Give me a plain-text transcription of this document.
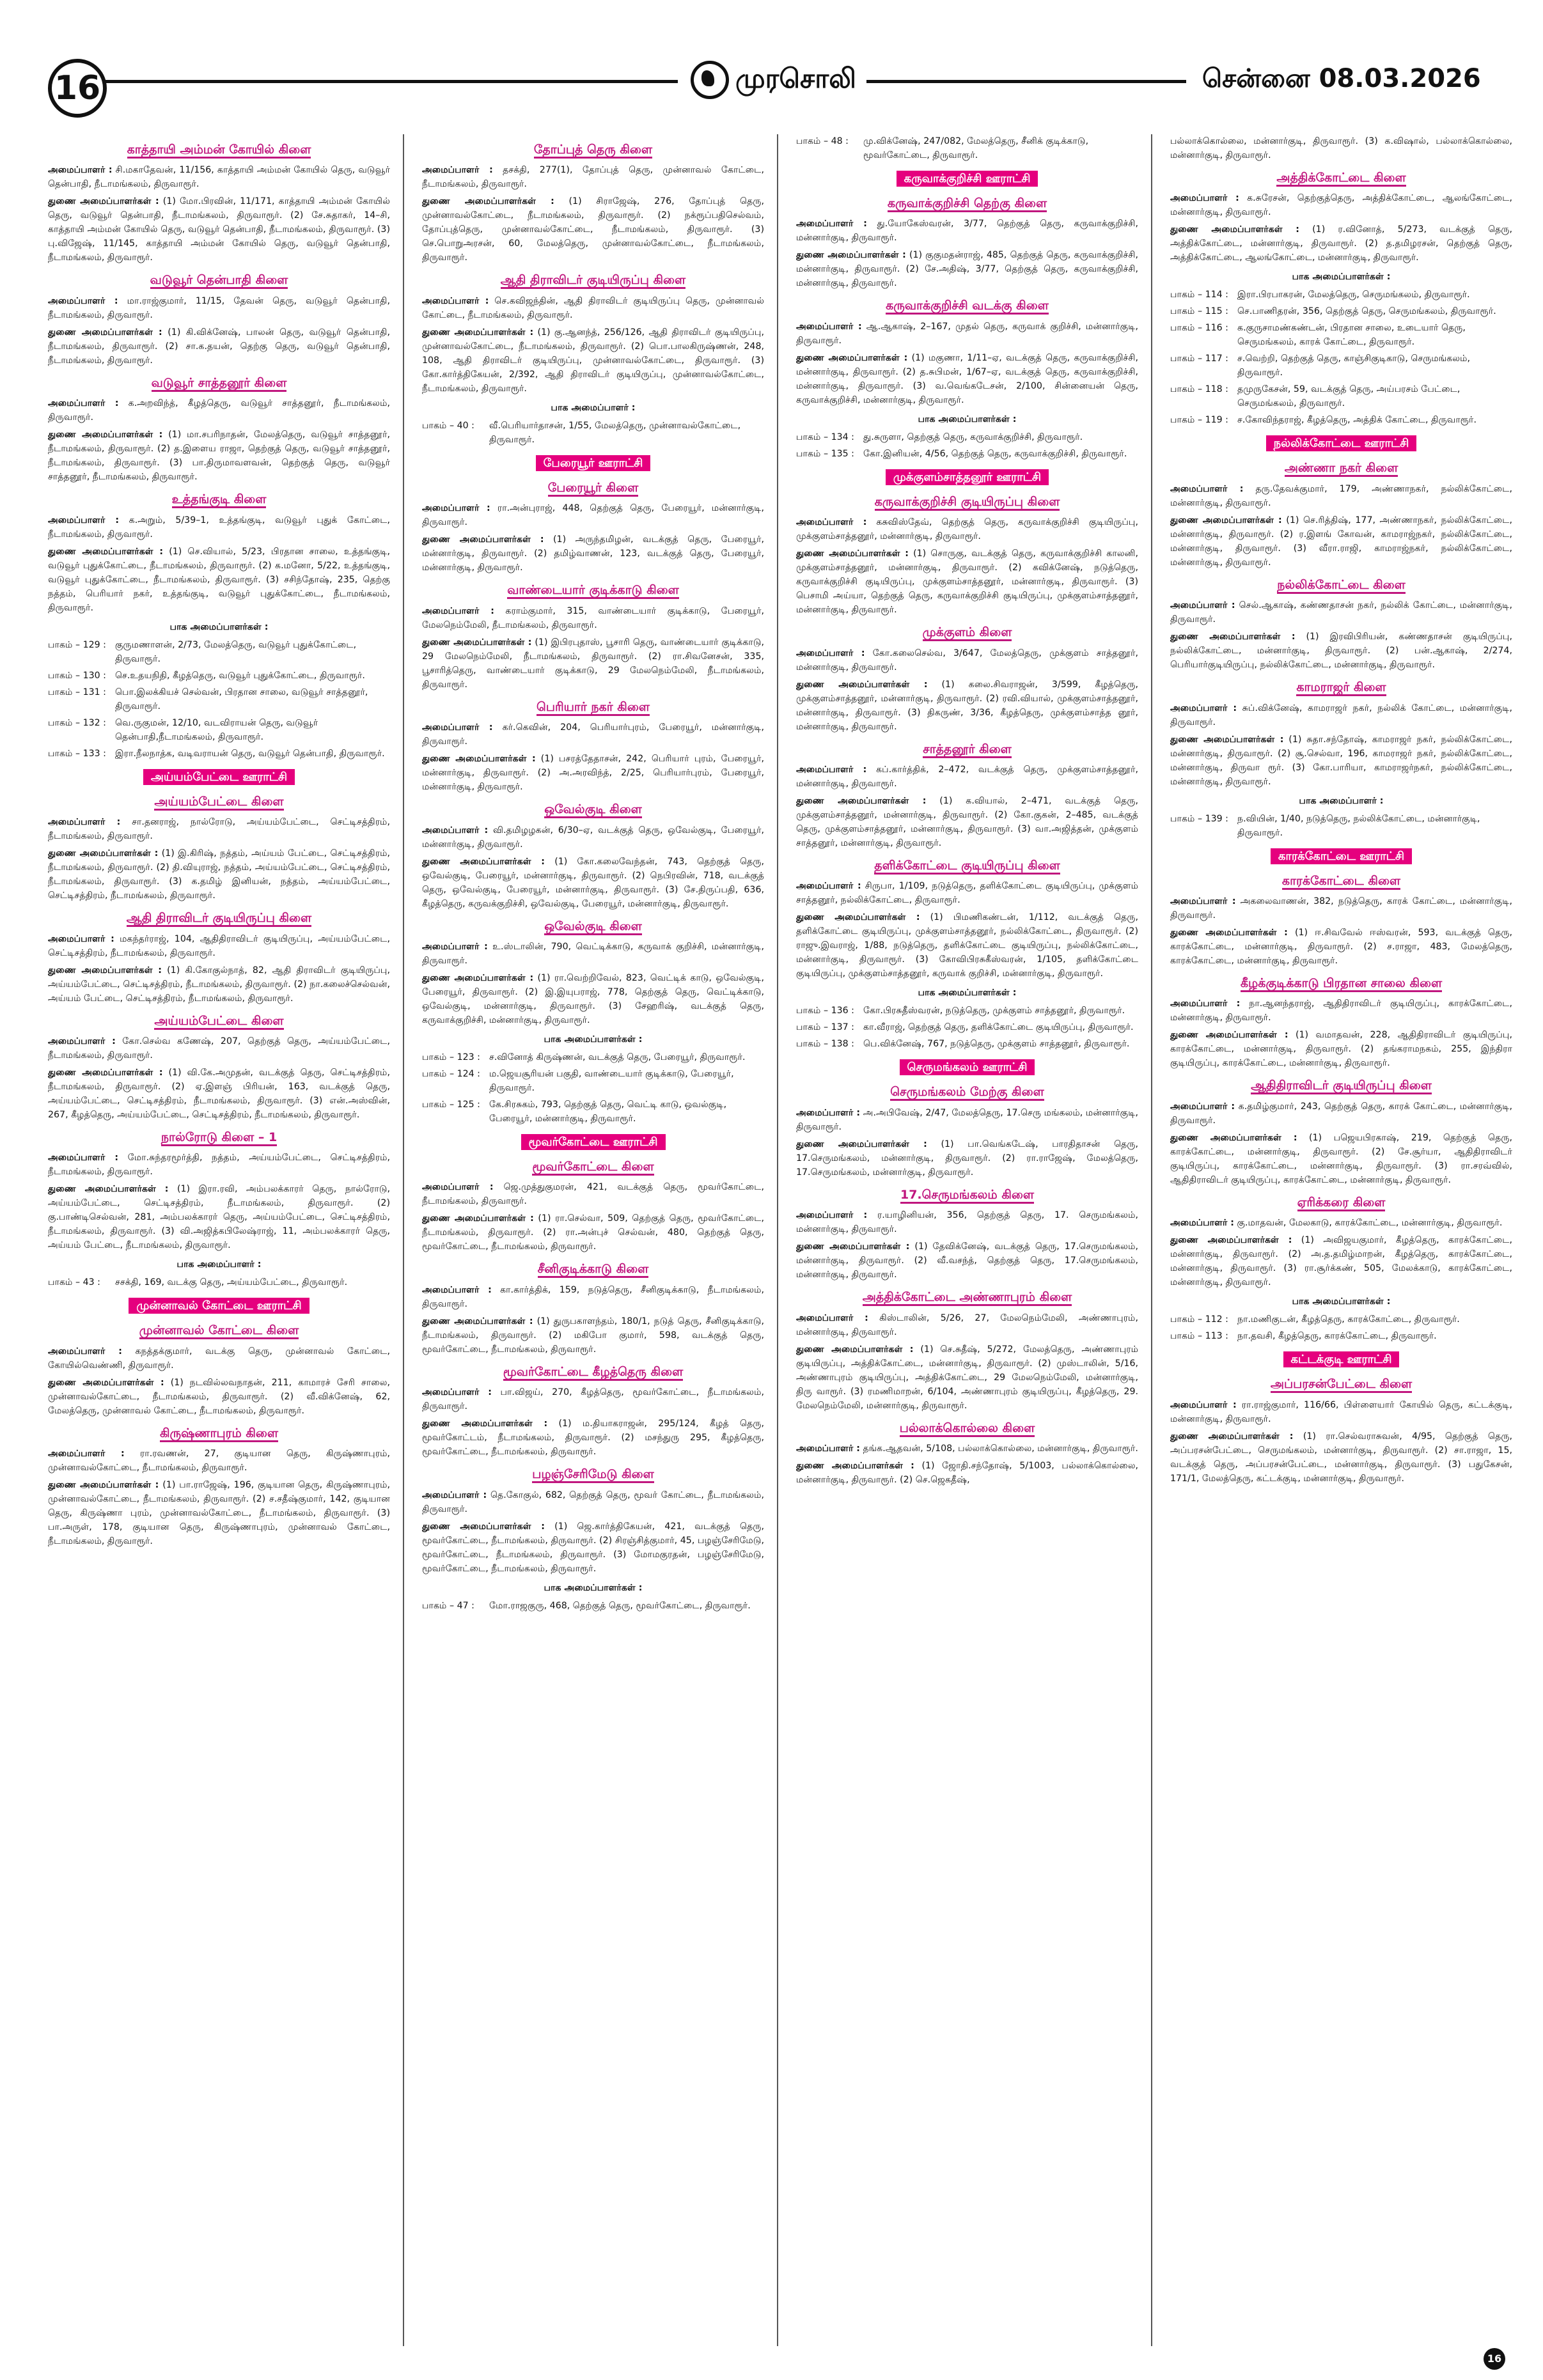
16	முரசொலி	சென்னை 08.03.2026
காத்தாயி அம்மன் கோயில் கிளை

அமைப்பாளர் : சி.மகாதேவன், 11/156, காத்தாயி அம்மன் கோயில் தெரு, வடுவூர் தென்பாதி, நீடாமங்கலம், திருவாரூர்.

துணை அமைப்பாளர்கள் : (1) மோ.பிரவின், 11/171, காத்தாயி அம்மன் கோயில் தெரு, வடுவூர் தென்பாதி, நீடாமங்கலம், திருவாரூர். (2) சே.சுதாகர், 14–சி, காத்தாயி அம்மன் கோயில் தெரு, வடுவூர் தென்பாதி, நீடாமங்கலம், திருவாரூர். (3) பு.விஜேஷ், 11/145, காத்தாயி அம்மன் கோயில் தெரு, வடுவூர் தென்பாதி, நீடாமங்கலம், திருவாரூர்.

வடுவூர் தென்பாதி கிளை

அமைப்பாளர் : மா.ராஜ்குமார், 11/15, தேவன் தெரு, வடுவூர் தென்பாதி, நீடாமங்கலம், திருவாரூர்.

துணை அமைப்பாளர்கள் : (1) கி.விக்னேஷ், பாலன் தெரு, வடுவூர் தென்பாதி, நீடாமங்கலம், திருவாரூர். (2) சா.க.தயன், தெற்கு தெரு, வடுவூர் தென்பாதி, நீடாமங்கலம், திருவாரூர்.

வடுவூர் சாத்தனூர் கிளை

அமைப்பாளர் : க.அறவிந்த், கீழத்தெரு, வடுவூர் சாத்தனூர், நீடாமங்கலம், திருவாரூர்.

துணை அமைப்பாளர்கள் : (1) மா.சபரிநாதன், மேலத்தெரு, வடுவூர் சாத்தனூர், நீடாமங்கலம், திருவாரூர். (2) த.இளைய ராஜா, தெற்குத் தெரு, வடுவூர் சாத்தனூர், நீடாமங்கலம், திருவாரூர். (3) பா.திருமாவளவன், தெற்குத் தெரு, வடுவூர் சாத்தனூர், நீடாமங்கலம், திருவாரூர்.

உத்தங்குடி கிளை

அமைப்பாளர் : க.அறும், 5/39–1, உத்தங்குடி, வடுவூர் புதுக் கோட்டை, நீடாமங்கலம், திருவாரூர்.

துணை அமைப்பாளர்கள் : (1) செ.வியால், 5/23, பிரதான சாலை, உத்தங்குடி, வடுவூர் புதுக்கோட்டை, நீடாமங்கலம், திருவாரூர். (2) க.மனோ, 5/22, உத்தங்குடி, வடுவூர் புதுக்கோட்டை, நீடாமங்கலம், திருவாரூர். (3) சசிந்தோஷ், 235, தெற்கு நத்தம், பெரியார் நகர், உத்தங்குடி, வடுவூர் புதுக்கோட்டை, நீடாமங்கலம், திருவாரூர்.

பாக அமைப்பாளர்கள் :
பாகம் – 129 : குருமணாளன், 2/73, மேலத்தெரு, வடுவூர் புதுக்கோட்டை, திருவாரூர்.
பாகம் – 130 : செ.உதயநிதி, கீழத்தெரு, வடுவூர் புதுக்கோட்டை, திருவாரூர்.
பாகம் – 131 : பொ.இலக்கியச் செல்வன், பிரதான சாலை, வடுவூர் சாத்தனூர், திருவாரூர்.
பாகம் – 132 : வெ.ருகுமன், 12/10, வடவிராயன் தெரு, வடுவூர் தென்பாதி,நீடாமங்கலம், திருவாரூர்.
பாகம் – 133 : இரா.நீலநாத்க, வடிவராயன் தெரு, வடுவூர் தென்பாதி, திருவாரூர்.
அய்யம்பேட்டை ஊராட்சி
அய்யம்பேட்டை கிளை

அமைப்பாளர் : சா.தனராஜ், நால்ரோடு, அய்யம்பேட்டை, செட்டிசத்திரம், நீடாமங்கலம், திருவாரூர்.

துணை அமைப்பாளர்கள் : (1) இ.கிரிஷ், நத்தம், அய்யம் பேட்டை, செட்டிசத்திரம், நீடாமங்கலம், திருவாரூர். (2) தி.வியுராஜ், நத்தம், அய்யம்பேட்டை, செட்டிசத்திரம், நீடாமங்கலம், திருவாரூர். (3) க.தமிழ் இனியன், நத்தம், அய்யம்பேட்டை, செட்டிசத்திரம், நீடாமங்கலம், திருவாரூர்.

ஆதி திராவிடர் குடியிருப்பு கிளை

அமைப்பாளர் : மகந்தர்ராஜ், 104, ஆதிதிராவிடர் குடியிருப்பு, அய்யம்பேட்டை, செட்டிசத்திரம், நீடாமங்கலம், திருவாரூர்.

துணை அமைப்பாளர்கள் : (1) கி.கோகுல்நாத், 82, ஆதி திராவிடர் குடியிருப்பு, அய்யம்பேட்டை, செட்டிசத்திரம், நீடாமங்கலம், திருவாரூர். (2) நா.கலைச்செல்வன், அய்யம் பேட்டை, செட்டிசத்திரம், நீடாமங்கலம், திருவாரூர்.

அய்யம்பேட்டை கிளை

அமைப்பாளர் : கோ.செல்வ கணேஷ், 207, தெற்குத் தெரு, அய்யம்பேட்டை, நீடாமங்கலம், திருவாரூர்.

துணை அமைப்பாளர்கள் : (1) வி.கே.அமுதன், வடக்குத் தெரு, செட்டிசத்திரம், நீடாமங்கலம், திருவாரூர். (2) ஏ.இளஞ் பிரியன், 163, வடக்குத் தெரு, அய்யம்பேட்டை, செட்டிசத்திரம், நீடாமங்கலம், திருவாரூர். (3) என்.அஸ்வின், 267, கீழத்தெரு, அய்யம்பேட்டை, செட்டிசத்திரம், நீடாமங்கலம், திருவாரூர்.

நால்ரோடு கிளை – 1

அமைப்பாளர் : மோ.சுந்தரமூர்த்தி, நத்தம், அய்யம்பேட்டை, செட்டிசத்திரம், நீடாமங்கலம், திருவாரூர்.

துணை அமைப்பாளர்கள் : (1) இரா.ரவி, அம்பலக்காரர் தெரு, நால்ரோடு, அய்யம்பேட்டை, செட்டிசத்திரம், நீடாமங்கலம், திருவாரூர். (2) கு.பாண்டிசெல்வன், 281, அம்பலக்காரர் தெரு, அய்யம்பேட்டை, செட்டிசத்திரம், நீடாமங்கலம், திருவாரூர். (3) வி.அஜித்கபிலேஷ்ராஜ், 11, அம்பலக்காரர் தெரு, அய்யம் பேட்டை, நீடாமங்கலம், திருவாரூர்.

பாக அமைப்பாளர் :
பாகம் – 43 :	சசக்தி, 169, வடக்கு தெரு, அய்யம்பேட்டை, திருவாரூர்.
முன்னாவல் கோட்டை ஊராட்சி
முன்னாவல் கோட்டை கிளை

அமைப்பாளர் : கநத்தக்குமார், வடக்கு தெரு, முன்னாவல் கோட்டை, கோயில்வெண்ணி, திருவாரூர்.

துணை அமைப்பாளர்கள் : (1) நடவில்லவநாதன், 211, காமாரச் சேரி சாலை, முன்னாவல்கோட்டை, நீடாமங்கலம், திருவாரூர். (2) வீ.விக்னேஷ், 62, மேலத்தெரு, முன்னாவல் கோட்டை, நீடாமங்கலம், திருவாரூர்.

கிருஷ்ணாபுரம் கிளை

அமைப்பாளர் : ரா.ரவணன், 27, குடியான தெரு, கிருஷ்ணாபுரம், முன்னாவல்கோட்டை, நீடாமங்கலம், திருவாரூர்.

துணை அமைப்பாளர்கள் : (1) பா.ராஜேஷ், 196, குடியான தெரு, கிருஷ்ணாபுரம், முன்னாவல்கோட்டை, நீடாமங்கலம், திருவாரூர். (2) ச.சதீஷ்குமார், 142, குடியான தெரு, கிருஷ்ணா புரம், முன்னாவல்கோட்டை, நீடாமங்கலம், திருவாரூர். (3) பா.அருள், 178, குடியான தெரு, கிருஷ்ணாபுரம், முன்னாவல் கோட்டை, நீடாமங்கலம், திருவாரூர்.

தோப்புத் தெரு கிளை

அமைப்பாளர் : தசக்தி, 277(1), தோப்புத் தெரு, முன்னாவல் கோட்டை, நீடாமங்கலம், திருவாரூர்.

துணை அமைப்பாளர்கள் : (1) சிராஜேஷ், 276, தோப்புத் தெரு, முன்னாவல்கோட்டை, நீடாமங்கலம், திருவாரூர். (2) நக்ரூப்பதிசெல்வம், தோப்புத்தெரு, முன்னாவல்கோட்டை, நீடாமங்கலம், திருவாரூர். (3) செ.பொறுஅரசன், 60, மேலத்தெரு, முன்னாவல்கோட்டை, நீடாமங்கலம், திருவாரூர்.

ஆதி திராவிடர் குடியிருப்பு கிளை

அமைப்பாளர் : செ.கவிஜந்தின், ஆதி திராவிடர் குடியிருப்பு தெரு, முன்னாவல் கோட்டை, நீடாமங்கலம், திருவாரூர்.

துணை அமைப்பாளர்கள் : (1) கு.ஆனந்த், 256/126, ஆதி திராவிடர் குடியிருப்பு, முன்னாவல்கோட்டை, நீடாமங்கலம், திருவாரூர். (2) பொ.பாலகிருஷ்ணன், 248, 108, ஆதி திராவிடர் குடியிருப்பு, முன்னாவல்கோட்டை, திருவாரூர். (3) கோ.கார்த்திகேயன், 2/392, ஆதி திராவிடர் குடியிருப்பு, முன்னாவல்கோட்டை, நீடாமங்கலம், திருவாரூர்.

பாக அமைப்பாளர் :
பாகம் – 40 :	வீ.பெரியார்தாசன், 1/55, மேலத்தெரு, முன்னாவல்கோட்டை, திருவாரூர்.
பேரையூர் ஊராட்சி
பேரையூர் கிளை

அமைப்பாளர் : ரா.அன்புராஜ், 448, தெற்குத் தெரு, பேரையூர், மன்னார்குடி, திருவாரூர்.

துணை அமைப்பாளர்கள் : (1) அருந்தமிழன், வடக்குத் தெரு, பேரையூர், மன்னார்குடி, திருவாரூர். (2) தமிழ்வாணன், 123, வடக்குத் தெரு, பேரையூர், மன்னார்குடி, திருவாரூர்.

வாண்டையார் குடிக்காடு கிளை

அமைப்பாளர் : கராம்குமார், 315, வாண்டையார் குடிக்காடு, பேரையூர், மேலநெம்மேலி, நீடாமங்கலம், திருவாரூர்.

துணை அமைப்பாளர்கள் : (1) இபிரபுதாஸ், பூசாரி தெரு, வாண்டையார் குடிக்காடு, 29 மேலநெம்மேலி, நீடாமங்கலம், திருவாரூர். (2) ரா.சிவனேசன், 335, பூசாரித்தெரு, வாண்டையார் குடிக்காடு, 29 மேலநெம்மேலி, நீடாமங்கலம், திருவாரூர்.

பெரியார் நகர் கிளை

அமைப்பாளர் : கர்.கெவின், 204, பெரியார்புரம், பேரையூர், மன்னார்குடி, திருவாரூர்.

துணை அமைப்பாளர்கள் : (1) பசரத்தேதாசன், 242, பெரியார் புரம், பேரையூர், மன்னார்குடி, திருவாரூர். (2) அ.அரவிந்த், 2/25, பெரியார்புரம், பேரையூர், மன்னார்குடி, திருவாரூர்.

ஒவேல்குடி கிளை

அமைப்பாளர் : வி.தமிழழகன், 6/30–ஏ, வடக்குத் தெரு, ஒவேல்குடி, பேரையூர், மன்னார்குடி, திருவாரூர்.

துணை அமைப்பாளர்கள் : (1) கோ.கலைவேந்தன், 743, தெற்குத் தெரு, ஒவேல்குடி, பேரையூர், மன்னார்குடி, திருவாரூர். (2) நெபிரவின், 718, வடக்குத் தெரு, ஒவேல்குடி, பேரையூர், மன்னார்குடி, திருவாரூர். (3) சே.திருப்பதி, 636, கீழத்தெரு, கருவக்குறிச்சி, ஒவேல்குடி, பேரையூர், மன்னார்குடி, திருவாரூர்.

ஒவேல்குடி கிளை

அமைப்பாளர் : உ.ஸ்டாலின், 790, வெட்டிக்காடு, கருவாக் குறிச்சி, மன்னார்குடி, திருவாரூர்.

துணை அமைப்பாளர்கள் : (1) ரா.வெற்றிவேல், 823, வெட்டிக் காடு, ஒவேல்குடி, பேரையூர், திருவாரூர். (2) இ.இயுபராஜ், 778, தெற்குத் தெரு, வெட்டிக்காடு, ஒவேல்குடி, மன்னார்குடி, திருவாரூர். (3) சேஹரிஷ், வடக்குத் தெரு, கருவாக்குறிச்சி, மன்னார்குடி, திருவாரூர்.

பாக அமைப்பாளர்கள் :
பாகம் – 123 : ச.வினோத் கிருஷ்ணன், வடக்குத் தெரு, பேரையூர், திருவாரூர்.
பாகம் – 124 : ம.ஜெயசூரியன் பகுதி, வாண்டையார் குடிக்காடு, பேரையூர், திருவாரூர்.
பாகம் – 125 : கே.சிரசுகம், 793, தெற்குத் தெரு, வெட்டி காடு, ஒவல்குடி, பேரையூர், மன்னார்குடி, திருவாரூர்.
மூவர்கோட்டை ஊராட்சி
மூவர்கோட்டை கிளை

அமைப்பாளர் : ஜெ.முத்துகுமரன், 421, வடக்குத் தெரு, மூவர்கோட்டை, நீடாமங்கலம், திருவாரூர்.

துணை அமைப்பாளர்கள் : (1) ரா.செல்வா, 509, தெற்குத் தெரு, மூவர்கோட்டை, நீடாமங்கலம், திருவாரூர். (2) ரா.அன்புச் செல்வன், 480, தெற்குத் தெரு, மூவர்கோட்டை, நீடாமங்கலம், திருவாரூர்.

சீனிகுடிக்காடு கிளை

அமைப்பாளர் : கா.கார்த்திக், 159, நடுத்தெரு, சீனிகுடிக்காடு, நீடாமங்கலம், திருவாரூர்.

துணை அமைப்பாளர்கள் : (1) துருபகாளந்தம், 180/1, நடுத் தெரு, சீனிகுடிக்காடு, நீடாமங்கலம், திருவாரூர். (2) மகிபோ குமார், 598, வடக்குத் தெரு, மூவர்கோட்டை, நீடாமங்கலம், திருவாரூர்.

மூவர்கோட்டை கீழத்தெரு கிளை

அமைப்பாளர் : பா.விஜய், 270, கீழத்தெரு, மூவர்கோட்டை, நீடாமங்கலம், திருவாரூர்.

துணை அமைப்பாளர்கள் : (1) ம.தியாகராஜன், 295/124, கீழத் தெரு, மூவர்கோட்டம், நீடாமங்கலம், திருவாரூர். (2) மசந்துரு 295, கீழத்தெரு, மூவர்கோட்டை, நீடாமங்கலம், திருவாரூர்.

பழஞ்சேரிமேடு கிளை

அமைப்பாளர் : தெ.கோகுல், 682, தெற்குத் தெரு, மூவர் கோட்டை, நீடாமங்கலம், திருவாரூர்.

துணை அமைப்பாளர்கள் : (1) ஜெ.கார்த்திகேயன், 421, வடக்குத் தெரு, மூவர்கோட்டை, நீடாமங்கலம், திருவாரூர். (2) சிரஞ்சித்குமார், 45, பழஞ்சேரிமேடு, மூவர்கோட்டை, நீடாமங்கலம், திருவாரூர். (3) மோமகுரதன், பழஞ்சேரிமேடு, மூவர்கோட்டை, நீடாமங்கலம், திருவாரூர்.

பாக அமைப்பாளர்கள் :
பாகம் – 47 :	மோ.ராஜகுரு, 468, தெற்குத் தெரு, மூவர்கோட்டை, திருவாரூர்.
பாகம் – 48 :	மு.விக்னேஷ், 247/082, மேலத்தெரு, சீனிக் குடிக்காடு, மூவர்கோட்டை, திருவாரூர்.
கருவாக்குறிச்சி ஊராட்சி
கருவாக்குறிச்சி தெற்கு கிளை

அமைப்பாளர் : து.யோகேஸ்வரன், 3/77, தெற்குத் தெரு, கருவாக்குறிச்சி, மன்னார்குடி, திருவாரூர்.

துணை அமைப்பாளர்கள் : (1) குகுமதன்ராஜ், 485, தெற்குத் தெரு, கருவாக்குறிச்சி, மன்னார்குடி, திருவாரூர். (2) சே.அதிஷ், 3/77, தெற்குத் தெரு, கருவாக்குறிச்சி, மன்னார்குடி, திருவாரூர்.

கருவாக்குறிச்சி வடக்கு கிளை

அமைப்பாளர் : ஆ.ஆகாஷ், 2–167, முதல் தெரு, கருவாக் குறிச்சி, மன்னார்குடி, திருவாரூர்.

துணை அமைப்பாளர்கள் : (1) மகுணா, 1/11–ஏ, வடக்குத் தெரு, கருவாக்குறிச்சி, மன்னார்குடி, திருவாரூர். (2) த.சுபிமன், 1/67–ஏ, வடக்குத் தெரு, கருவாக்குறிச்சி, மன்னார்குடி, திருவாரூர். (3) வ.வெங்கடேசன், 2/100, சின்னையன் தெரு, கருவாக்குறிச்சி, மன்னார்குடி, திருவாரூர்.

பாக அமைப்பாளர்கள் :
பாகம் – 134 : து.சுருளா, தெற்குத் தெரு, கருவாக்குறிச்சி, திருவாரூர்.
பாகம் – 135 : கோ.இனியன், 4/56, தெற்குத் தெரு, கருவாக்குறிச்சி, திருவாரூர்.
முக்குளம்சாத்தனூர் ஊராட்சி
கருவாக்குறிச்சி குடியிருப்பு கிளை

அமைப்பாளர் : கசுவிஸ்தேவ், தெற்குத் தெரு, கருவாக்குறிச்சி குடியிருப்பு, முக்குளம்சாத்தனூர், மன்னார்குடி, திருவாரூர்.

துணை அமைப்பாளர்கள் : (1) சொருகு, வடக்குத் தெரு, கருவாக்குறிச்சி காலனி, முக்குளம்சாத்தனூர், மன்னார்குடி, திருவாரூர். (2) கவிக்னேஷ், நடுத்தெரு, கருவாக்குறிச்சி குடியிருப்பு, முக்குளம்சாத்தனூர், மன்னார்குடி, திருவாரூர். (3) பெசாமி அய்யா, தெற்குத் தெரு, கருவாக்குறிச்சி குடியிருப்பு, முக்குளம்சாத்தனூர், மன்னார்குடி, திருவாரூர்.

முக்குளம் கிளை

அமைப்பாளர் : கோ.கலைசெல்வ, 3/647, மேலத்தெரு, முக்குளம் சாத்தனூர், மன்னார்குடி, திருவாரூர்.

துணை அமைப்பாளர்கள் : (1) கலை.சிவராஜன், 3/599, கீழத்தெரு, முக்குளம்சாத்தனூர், மன்னார்குடி, திருவாரூர். (2) ரவி.வியால், முக்குளம்சாத்தனூர், மன்னார்குடி, திருவாரூர். (3) திகருண், 3/36, கீழத்தெரு, முக்குளம்சாத்த னூர், மன்னார்குடி, திருவாரூர்.

சாத்தனூர் கிளை

அமைப்பாளர் : கப்.கார்த்திக், 2–472, வடக்குத் தெரு, முக்குளம்சாத்தனூர், மன்னார்குடி, திருவாரூர்.

துணை அமைப்பாளர்கள் : (1) க.வியால், 2–471, வடக்குத் தெரு, முக்குளம்சாத்தனூர், மன்னார்குடி, திருவாரூர். (2) கோ.குகன், 2–485, வடக்குத் தெரு, முக்குளம்சாத்தனூர், மன்னார்குடி, திருவாரூர். (3) வா.அஜித்தன், முக்குளம் சாத்தனூர், மன்னார்குடி, திருவாரூர்.

தளிக்கோட்டை குடியிருப்பு கிளை

அமைப்பாளர் : சிருபா, 1/109, நடுத்தெரு, தளிக்கோட்டை குடியிருப்பு, முக்குளம் சாத்தனூர், நல்லிக்கோட்டை, திருவாரூர்.

துணை அமைப்பாளர்கள் : (1) பிமணிகண்டன், 1/112, வடக்குத் தெரு, தளிக்கோட்டை குடியிருப்பு, முக்குளம்சாத்தனூர், நல்லிக்கோட்டை, திருவாரூர். (2) ராஜு.இவராஜ், 1/88, நடுத்தெரு, தளிக்கோட்டை குடியிருப்பு, நல்லிக்கோட்டை, மன்னார்குடி, திருவாரூர். (3) கோவிபிரசுகீஸ்வரன், 1/105, தளிக்கோட்டை குடியிருப்பு, முக்குளம்சாத்தனூர், கருவாக் குறிச்சி, மன்னார்குடி, திருவாரூர்.

பாக அமைப்பாளர்கள் :
பாகம் – 136 : கோ.பிரசுதீஸ்வரன், நடுத்தெரு, முக்குளம் சாத்தனூர், திருவாரூர்.
பாகம் – 137 : கா.வீராஜ், தெற்குத் தெரு, தளிக்கோட்டை குடியிருப்பு, திருவாரூர்.
பாகம் – 138 : பெ.விக்னேஷ், 767, நடுத்தெரு, முக்குளம் சாத்தனூர், திருவாரூர்.
செருமங்கலம் ஊராட்சி
செருமங்கலம் மேற்கு கிளை

அமைப்பாளர் : அ.அபிவேஷ், 2/47, மேலத்தெரு, 17.செரு மங்கலம், மன்னார்குடி, திருவாரூர்.

துணை அமைப்பாளர்கள் : (1) பா.வெங்கடேஷ், பாரதிதாசன் தெரு, 17.செருமங்கலம், மன்னார்குடி, திருவாரூர். (2) ரா.ராஜேஷ், மேலத்தெரு, 17.செருமங்கலம், மன்னார்குடி, திருவாரூர்.

17.செருமங்கலம் கிளை

அமைப்பாளர் : ர.யாழினியன், 356, தெற்குத் தெரு, 17. செருமங்கலம், மன்னார்குடி, திருவாரூர்.

துணை அமைப்பாளர்கள் : (1) தேவிக்னேஷ், வடக்குத் தெரு, 17.செருமங்கலம், மன்னார்குடி, திருவாரூர். (2) வீ.வசந்த், தெற்குத் தெரு, 17.செருமங்கலம், மன்னார்குடி, திருவாரூர்.

அத்திக்கோட்டை அண்ணாபுரம் கிளை

அமைப்பாளர் : கிஸ்டாலின், 5/26, 27, மேலநெம்மேலி, அண்ணாபுரம், மன்னார்குடி, திருவாரூர்.

துணை அமைப்பாளர்கள் : (1) செ.சுதீஷ், 5/272, மேலத்தெரு, அண்ணாபுரம் குடியிருப்பு, அத்திக்கோட்டை, மன்னார்குடி, திருவாரூர். (2) முஸ்டாலின், 5/16, அண்ணாபுரம் குடியிருப்பு, அத்திக்கோட்டை, 29 மேலநெம்மேலி, மன்னார்குடி, திரு வாரூர். (3) ரமணிமாறன், 6/104, அண்ணாபுரம் குடியிருப்பு, கீழத்தெரு, 29. மேலநெம்மேலி, மன்னார்குடி, திருவாரூர்.

பல்லாக்கொல்லை கிளை

அமைப்பாளர் : தங்க.ஆதவன், 5/108, பல்லாக்கொல்லை, மன்னார்குடி, திருவாரூர்.

துணை அமைப்பாளர்கள் : (1) ஜோதி.சந்தோஷ், 5/1003, பல்லாக்கொல்லை, மன்னார்குடி, திருவாரூர். (2) செ.ஜெகதீஷ்,

பல்லாக்கொல்லை, மன்னார்குடி, திருவாரூர். (3) க.விஷால், பல்லாக்கொல்லை, மன்னார்குடி, திருவாரூர்.

அத்திக்கோட்டை கிளை

அமைப்பாளர் : க.சுரேசன், தெற்குத்தெரு, அத்திக்கோட்டை, ஆலங்கோட்டை, மன்னார்குடி, திருவாரூர்.

துணை அமைப்பாளர்கள் : (1) ர.வினோத், 5/273, வடக்குத் தெரு, அத்திக்கோட்டை, மன்னார்குடி, திருவாரூர். (2) த.தமிழரசன், தெற்குத் தெரு, அத்திக்கோட்டை, ஆலங்கோட்டை, மன்னார்குடி, திருவாரூர்.

பாக அமைப்பாளர்கள் :
பாகம் – 114 : இரா.பிரபாகரன், மேலத்தெரு, செருமங்கலம், திருவாரூர்.
பாகம் – 115 : செ.பாணிதரன், 356, தெற்குத் தெரு, செருமங்கலம், திருவாரூர்.
பாகம் – 116 : க.குருசாமண்கண்டன், பிரதான சாலை, உடையார் தெரு, செருமங்கலம், காரக் கோட்டை, திருவாரூர்.
பாகம் – 117 : ச.வெற்றி, தெற்குத் தெரு, காஞ்சிகுடிகாடு, செருமங்கலம், திருவாரூர்.
பாகம் – 118 : தமுருகேசன், 59, வடக்குத் தெரு, அய்பரசம் பேட்டை, செருமங்கலம், திருவாரூர்.
பாகம் – 119 : ச.கோவிந்தராஜ், கீழத்தெரு, அத்திக் கோட்டை, திருவாரூர்.
நல்லிக்கோட்டை ஊராட்சி
அண்ணா நகர் கிளை

அமைப்பாளர் : தரு.தேவக்குமார், 179, அண்ணாநகர், நல்லிக்கோட்டை, மன்னார்குடி, திருவாரூர்.

துணை அமைப்பாளர்கள் : (1) செ.ரித்திஷ், 177, அண்ணாநகர், நல்லிக்கோட்டை, மன்னார்குடி, திருவாரூர். (2) ர.இளங் கோவன், காமராஜ்நகர், நல்லிக்கோட்டை, மன்னார்குடி, திருவாரூர். (3) வீரா.ராஜி, காமராஜ்நகர், நல்லிக்கோட்டை, மன்னார்குடி, திருவாரூர்.

நல்லிக்கோட்டை கிளை

அமைப்பாளர் : செல்.ஆகாஷ், கண்ணதாசன் நகர், நல்லிக் கோட்டை, மன்னார்குடி, திருவாரூர்.

துணை அமைப்பாளர்கள் : (1) இரவிபிரியன், கண்ணதாசன் குடியிருப்பு, நல்லிக்கோட்டை, மன்னார்குடி, திருவாரூர். (2) பன்.ஆகாஷ், 2/274, பெரியார்குடியிருப்பு, நல்லிக்கோட்டை, மன்னார்குடி, திருவாரூர்.

காமராஜர் கிளை

அமைப்பாளர் : சுப்.விக்னேஷ், காமராஜர் நகர், நல்லிக் கோட்டை, மன்னார்குடி, திருவாரூர்.

துணை அமைப்பாளர்கள் : (1) சுதா.சந்தோஷ், காமராஜர் நகர், நல்லிக்கோட்டை, மன்னார்குடி, திருவாரூர். (2) சூ.செல்வா, 196, காமராஜர் நகர், நல்லிக்கோட்டை, மன்னார்குடி, திருவா ரூர். (3) கோ.பாரியா, காமராஜர்நகர், நல்லிக்கோட்டை, மன்னார்குடி, திருவாரூர்.

பாக அமைப்பாளர் :
பாகம் – 139 : ந.வியின், 1/40, நடுத்தெரு, நல்லிக்கோட்டை, மன்னார்குடி, திருவாரூர்.
காரக்கோட்டை ஊராட்சி
காரக்கோட்டை கிளை

அமைப்பாளர் : அகலைவாணன், 382, நடுத்தெரு, காரக் கோட்டை, மன்னார்குடி, திருவாரூர்.

துணை அமைப்பாளர்கள் : (1) ஈ.சிவவேல் ஈஸ்வரன், 593, வடக்குத் தெரு, காரக்கோட்டை, மன்னார்குடி, திருவாரூர். (2) ச.ராஜா, 483, மேலத்தெரு, காரக்கோட்டை, மன்னார்குடி, திருவாரூர்.

கீழக்குடிக்காடு பிரதான சாலை கிளை

அமைப்பாளர் : நா.ஆனந்தராஜ், ஆதிதிராவிடர் குடியிருப்பு, காரக்கோட்டை, மன்னார்குடி, திருவாரூர்.

துணை அமைப்பாளர்கள் : (1) வமாதவன், 228, ஆதிதிராவிடர் குடியிருப்பு, காரக்கோட்டை, மன்னார்குடி, திருவாரூர். (2) தங்கராமநகம், 255, இந்திரா குடியிருப்பு, காரக்கோட்டை, மன்னார்குடி, திருவாரூர்.

ஆதிதிராவிடர் குடியிருப்பு கிளை

அமைப்பாளர் : க.தமிழ்குமார், 243, தெற்குத் தெரு, காரக் கோட்டை, மன்னார்குடி, திருவாரூர்.

துணை அமைப்பாளர்கள் : (1) பஜெயபிரகாஷ், 219, தெற்குத் தெரு, காரக்கோட்டை, மன்னார்குடி, திருவாரூர். (2) சே.சூர்யா, ஆதிதிராவிடர் குடியிருப்பு, காரக்கோட்டை, மன்னார்குடி, திருவாரூர். (3) ரா.சரவ்வில், ஆதிதிராவிடர் குடியிருப்பு, காரக்கோட்டை, மன்னார்குடி, திருவாரூர்.

ஏரிக்கரை கிளை

அமைப்பாளர் : கு.மாதவன், மேலகாடு, காரக்கோட்டை, மன்னார்குடி, திருவாரூர்.

துணை அமைப்பாளர்கள் : (1) அவிஜயகுமார், கீழத்தெரு, காரக்கோட்டை, மன்னார்குடி, திருவாரூர். (2) அ.த.தமிழ்மாறன், கீழத்தெரு, காரக்கோட்டை, மன்னார்குடி, திருவாரூர். (3) ரா.சூர்க்கண், 505, மேலக்காடு, காரக்கோட்டை, மன்னார்குடி, திருவாரூர்.

பாக அமைப்பாளர்கள் :
பாகம் – 112 : நா.மணிகுடன், கீழத்தெரு, காரக்கோட்டை, திருவாரூர்.
பாகம் – 113 : நா.தவசி, கீழத்தெரு, காரக்கோட்டை, திருவாரூர்.
கட்டக்குடி ஊராட்சி
அப்பரசன்பேட்டை கிளை

அமைப்பாளர் : ரா.ராஜ்குமார், 116/66, பிள்ளையார் கோயில் தெரு, கட்டக்குடி, மன்னார்குடி, திருவாரூர்.

துணை அமைப்பாளர்கள் : (1) ரா.செல்வராசுவன், 4/95, தெற்குத் தெரு, அப்பரசன்பேட்டை, செருமங்கலம், மன்னார்குடி, திருவாரூர். (2) சா.ராஜா, 15, வடக்குத் தெரு, அப்பரசன்பேட்டை, மன்னார்குடி, திருவாரூர். (3) பதுகேசன், 171/1, மேலத்தெரு, கட்டக்குடி, மன்னார்குடி, திருவாரூர்.

16
